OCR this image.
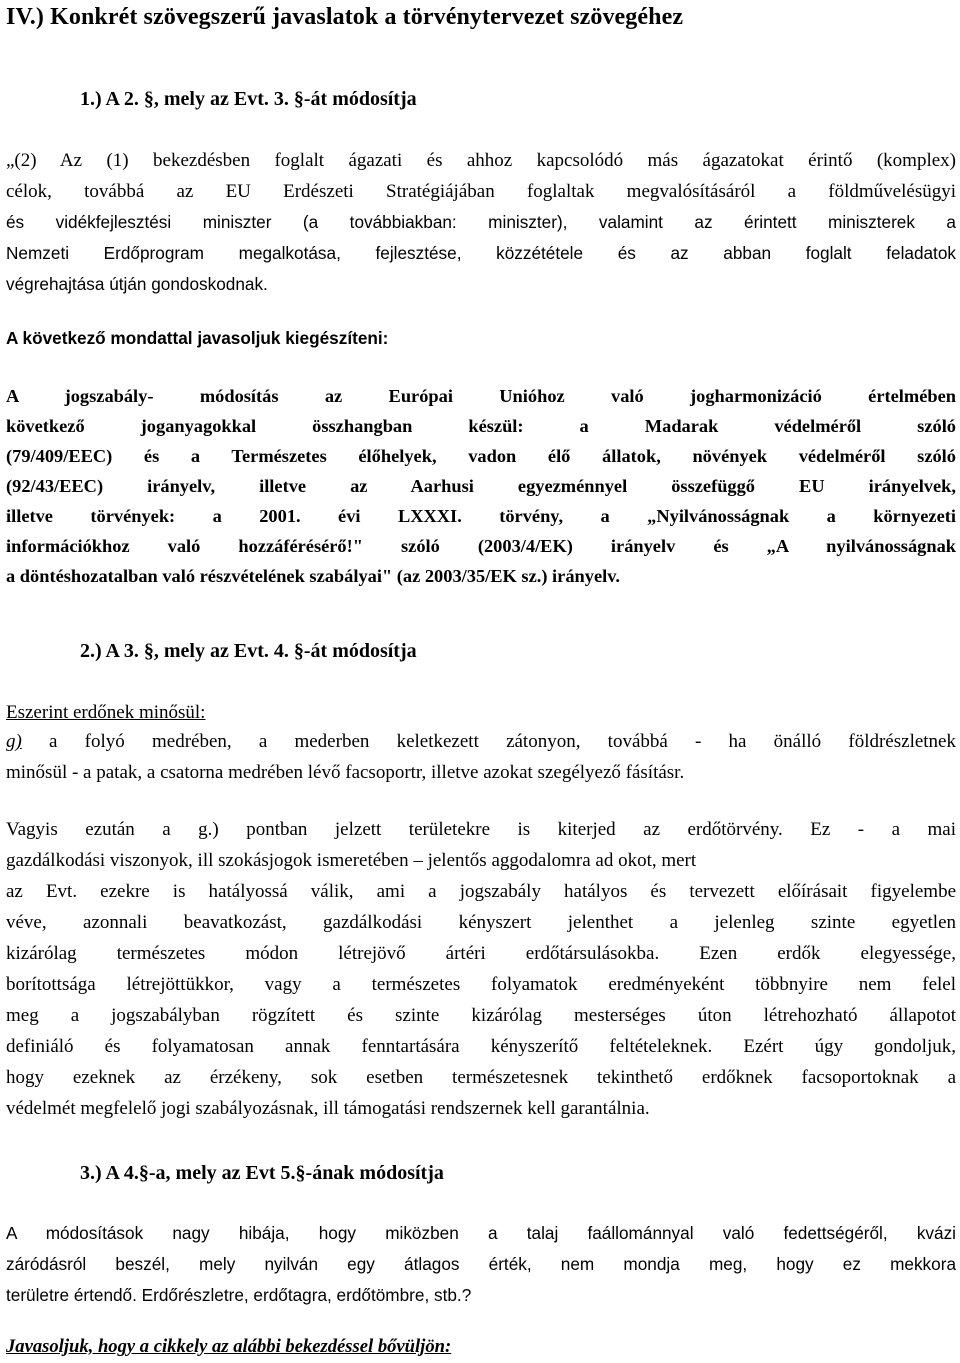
IV.) Konkrét szövegszerű javaslatok a törvénytervezet szövegéhez
1.) A 2. §, mely az Evt. 3. §-át módosítja
„(2) Az (1) bekezdésben foglalt ágazati és ahhoz kapcsolódó más ágazatokat érintő (komplex)
célok, továbbá az EU Erdészeti Stratégiájában foglaltak megvalósításáról a földművelésügyi
és vidékfejlesztési miniszter (a továbbiakban: miniszter), valamint az érintett miniszterek a
Nemzeti Erdőprogram megalkotása, fejlesztése, közzététele és az abban foglalt feladatok
végrehajtása útján gondoskodnak.
A következő mondattal javasoljuk kiegészíteni:
A jogszabály- módosítás az Európai Unióhoz való jogharmonizáció értelmében
következő joganyagokkal összhangban készül: a Madarak védelméről szóló
(79/409/EEC) és a Természetes élőhelyek, vadon élő állatok, növények védelméről szóló
(92/43/EEC) irányelv, illetve az Aarhusi egyezménnyel összefüggő EU irányelvek,
illetve törvények: a 2001. évi LXXXI. törvény, a „Nyilvánosságnak a környezeti
információkhoz való hozzáférésérő!" szóló (2003/4/EK) irányelv és „A nyilvánosságnak
a döntéshozatalban való részvételének szabályai" (az 2003/35/EK sz.) irányelv.
2.) A 3. §, mely az Evt. 4. §-át módosítja
Eszerint erdőnek minősül:
g) a folyó medrében, a mederben keletkezett zátonyon, továbbá - ha önálló földrészletnek
minősül - a patak, a csatorna medrében lévő facsoportr, illetve azokat szegélyező fásításr.
Vagyis ezután a g.) pontban jelzett területekre is kiterjed az erdőtörvény. Ez - a mai
gazdálkodási viszonyok, ill szokásjogok ismeretében – jelentős aggodalomra ad okot, mert
az Evt. ezekre is hatályossá válik, ami a jogszabály hatályos és tervezett előírásait figyelembe
véve, azonnali beavatkozást, gazdálkodási kényszert jelenthet a jelenleg szinte egyetlen
kizárólag természetes módon létrejövő ártéri erdőtársulásokba. Ezen erdők elegyessége,
borítottsága létrejöttükkor, vagy a természetes folyamatok eredményeként többnyire nem felel
meg a jogszabályban rögzített és szinte kizárólag mesterséges úton létrehozható állapotot
definiáló és folyamatosan annak fenntartására kényszerítő feltételeknek. Ezért úgy gondoljuk,
hogy ezeknek az érzékeny, sok esetben természetesnek tekinthető erdőknek facsoportoknak a
védelmét megfelelő jogi szabályozásnak, ill támogatási rendszernek kell garantálnia.
3.) A 4.§-a, mely az Evt 5.§-ának módosítja
A módosítások nagy hibája, hogy miközben a talaj faállománnyal való fedettségéről, kvázi
záródásról beszél, mely nyilván egy átlagos érték, nem mondja meg, hogy ez mekkora
területre értendő. Erdőrészletre, erdőtagra, erdőtömbre, stb.?
Javasoljuk, hogy a cikkely az alábbi bekezdéssel bővüljön:
